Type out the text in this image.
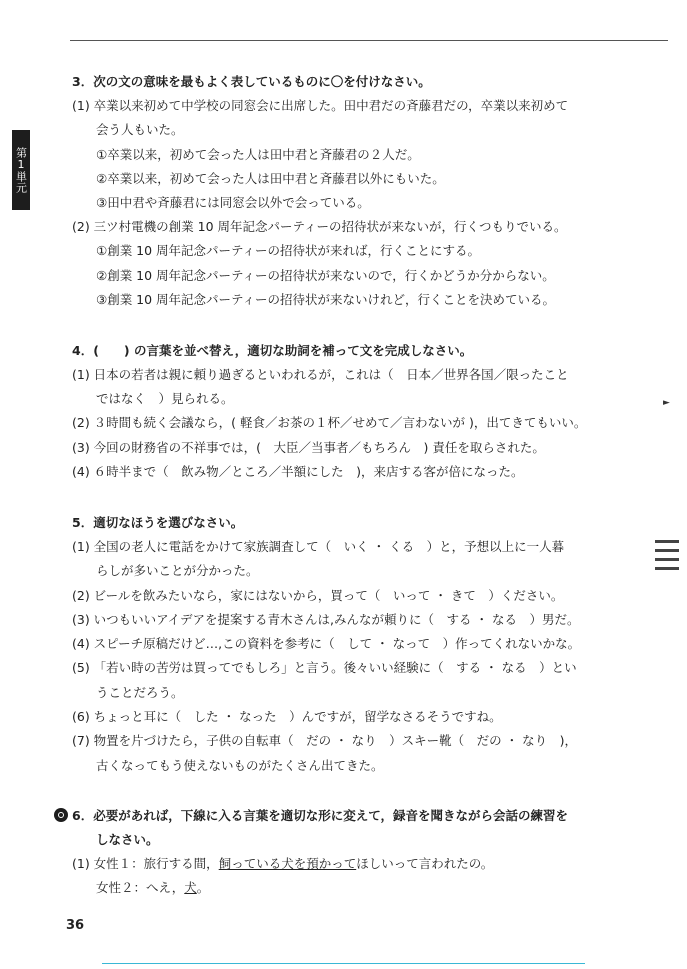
第1単元
►
3．次の文の意味を最もよく表しているものに〇を付けなさい。
(1) 卒業以来初めて中学校の同窓会に出席した。田中君だの斉藤君だの，卒業以来初めて
会う人もいた。
①卒業以来，初めて会った人は田中君と斉藤君の２人だ。
②卒業以来，初めて会った人は田中君と斉藤君以外にもいた。
③田中君や斉藤君には同窓会以外で会っている。
(2) 三ツ村電機の創業 10 周年記念パーティーの招待状が来ないが，行くつもりでいる。
①創業 10 周年記念パーティーの招待状が来れば，行くことにする。
②創業 10 周年記念パーティーの招待状が来ないので，行くかどうか分からない。
③創業 10 周年記念パーティーの招待状が来ないけれど，行くことを決めている。
4．(　　) の言葉を並べ替え，適切な助詞を補って文を完成しなさい。
(1) 日本の若者は親に頼り過ぎるといわれるが，これは（　日本／世界各国／限ったこと
ではなく　）見られる。
(2) ３時間も続く会議なら，( 軽食／お茶の１杯／せめて／言わないが )，出てきてもいい。
(3) 今回の財務省の不祥事では，(　大臣／当事者／もちろん　) 責任を取らされた。
(4) ６時半まで（　飲み物／ところ／半額にした　)，来店する客が倍になった。
5．適切なほうを選びなさい。
(1) 全国の老人に電話をかけて家族調査して（　いく ・ くる　）と，予想以上に一人暮
らしが多いことが分かった。
(2) ビールを飲みたいなら，家にはないから，買って（　いって ・ きて　）ください。
(3) いつもいいアイデアを提案する青木さんは,みんなが頼りに（　する ・ なる　）男だ。
(4) スピーチ原稿だけど…,この資料を参考に（　して ・ なって　）作ってくれないかな。
(5) 「若い時の苦労は買ってでもしろ」と言う。後々いい経験に（　する ・ なる　）とい
うことだろう。
(6) ちょっと耳に（　した ・ なった　）んですが，留学なさるそうですね。
(7) 物置を片づけたら，子供の自転車（　だの ・ なり　）スキー靴（　だの ・ なり　)，
古くなってもう使えないものがたくさん出てきた。
6．必要があれば，下線に入る言葉を適切な形に変えて，録音を聞きながら会話の練習を
しなさい。
(1) 女性１：旅行する間，飼っている犬を預かってほしいって言われたの。
女性２：へえ，犬。
36
